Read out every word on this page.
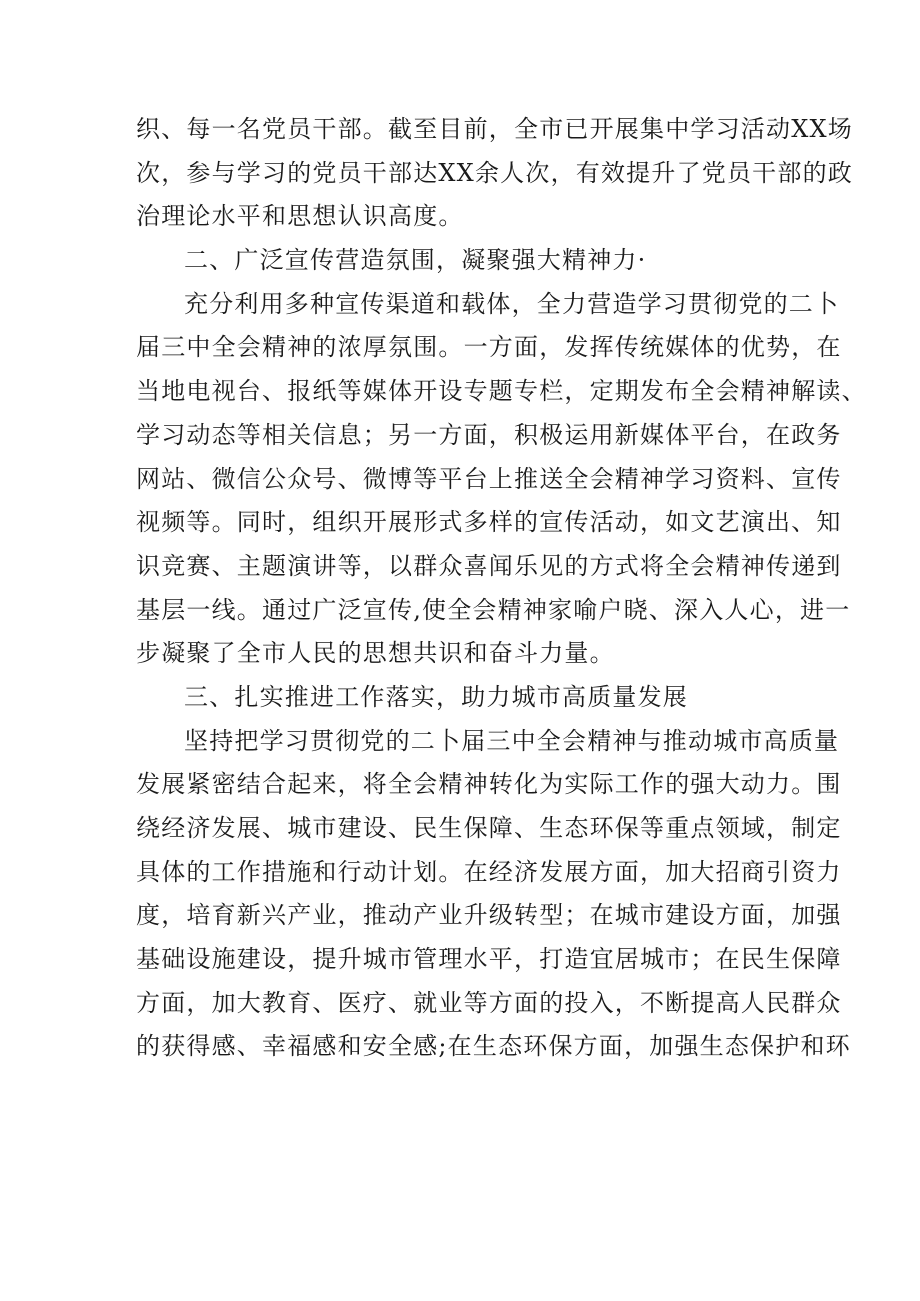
织、每一名党员干部。截至目前，全市已开展集中学习活动XX场
次，参与学习的党员干部达XX余人次，有效提升了党员干部的政
治理论水平和思想认识高度。
二、广泛宣传营造氛围，凝聚强大精神力·
充分利用多种宣传渠道和载体，全力营造学习贯彻党的二卜
届三中全会精神的浓厚氛围。一方面，发挥传统媒体的优势，在
当地电视台、报纸等媒体开设专题专栏，定期发布全会精神解读、
学习动态等相关信息；另一方面，积极运用新媒体平台，在政务
网站、微信公众号、微博等平台上推送全会精神学习资料、宣传
视频等。同时，组织开展形式多样的宣传活动，如文艺演出、知
识竞赛、主题演讲等，以群众喜闻乐见的方式将全会精神传递到
基层一线。通过广泛宣传,使全会精神家喻户晓、深入人心，进一
步凝聚了全市人民的思想共识和奋斗力量。
三、扎实推进工作落实，助力城市高质量发展
坚持把学习贯彻党的二卜届三中全会精神与推动城市高质量
发展紧密结合起来，将全会精神转化为实际工作的强大动力。围
绕经济发展、城市建设、民生保障、生态环保等重点领域，制定
具体的工作措施和行动计划。在经济发展方面，加大招商引资力
度，培育新兴产业，推动产业升级转型；在城市建设方面，加强
基础设施建设，提升城市管理水平，打造宜居城市；在民生保障
方面，加大教育、医疗、就业等方面的投入，不断提高人民群众
的获得感、幸福感和安全感;在生态环保方面，加强生态保护和环
